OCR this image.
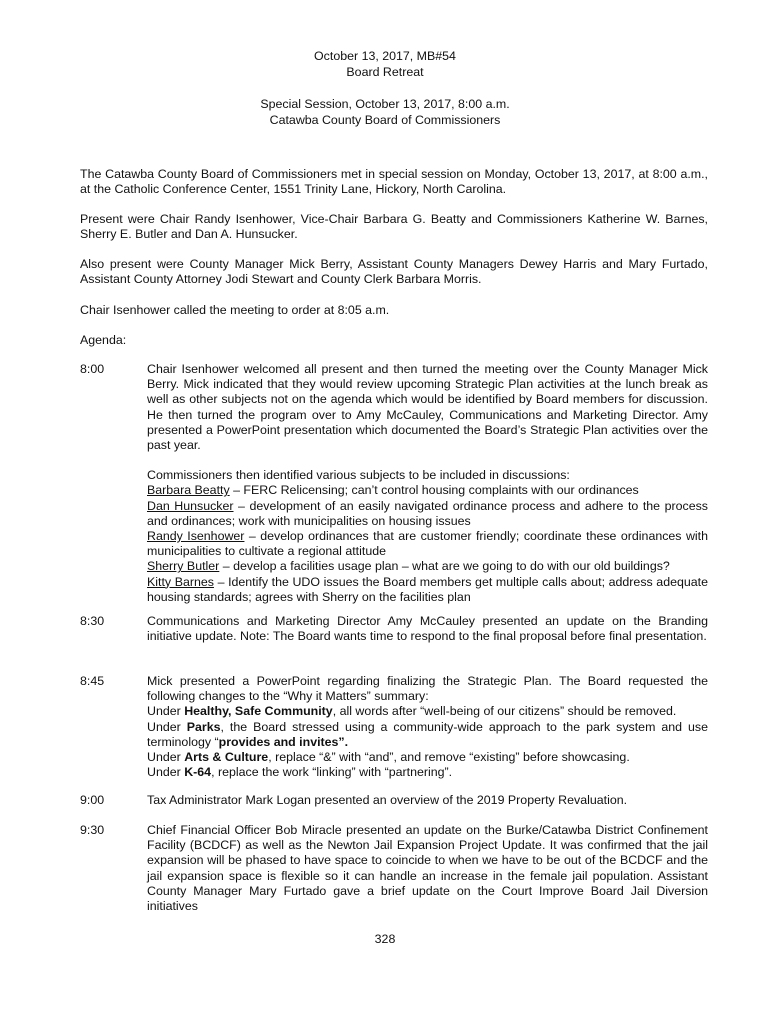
October 13, 2017, MB#54
Board Retreat
Special Session, October 13, 2017, 8:00 a.m.
Catawba County Board of Commissioners

The Catawba County Board of Commissioners met in special session on Monday, October 13, 2017, at 8:00 a.m., at the Catholic Conference Center, 1551 Trinity Lane, Hickory, North Carolina.

Present were Chair Randy Isenhower, Vice-Chair Barbara G. Beatty and Commissioners Katherine W. Barnes, Sherry E. Butler and Dan A. Hunsucker.

Also present were County Manager Mick Berry, Assistant County Managers Dewey Harris and Mary Furtado, Assistant County Attorney Jodi Stewart and County Clerk Barbara Morris.

Chair Isenhower called the meeting to order at 8:05 a.m.

Agenda:

8:00	Chair Isenhower welcomed all present and then turned the meeting over the County Manager Mick Berry. Mick indicated that they would review upcoming Strategic Plan activities at the lunch break as well as other subjects not on the agenda which would be identified by Board members for discussion. He then turned the program over to Amy McCauley, Communications and Marketing Director. Amy presented a PowerPoint presentation which documented the Board’s Strategic Plan activities over the past year.

Commissioners then identified various subjects to be included in discussions:

Barbara Beatty – FERC Relicensing; can’t control housing complaints with our ordinances

Dan Hunsucker – development of an easily navigated ordinance process and adhere to the process and ordinances; work with municipalities on housing issues

Randy Isenhower – develop ordinances that are customer friendly; coordinate these ordinances with municipalities to cultivate a regional attitude

Sherry Butler – develop a facilities usage plan – what are we going to do with our old buildings?

Kitty Barnes – Identify the UDO issues the Board members get multiple calls about; address adequate housing standards; agrees with Sherry on the facilities plan

8:30	Communications and Marketing Director Amy McCauley presented an update on the Branding initiative update. Note: The Board wants time to respond to the final proposal before final presentation.

8:45	Mick presented a PowerPoint regarding finalizing the Strategic Plan. The Board requested the following changes to the “Why it Matters” summary:

Under Healthy, Safe Community, all words after “well-being of our citizens” should be removed.

Under Parks, the Board stressed using a community-wide approach to the park system and use terminology “provides and invites”.

Under Arts & Culture, replace “&” with “and”, and remove “existing” before showcasing.

Under K-64, replace the work “linking” with “partnering”.

9:00	Tax Administrator Mark Logan presented an overview of the 2019 Property Revaluation.

9:30	Chief Financial Officer Bob Miracle presented an update on the Burke/Catawba District Confinement Facility (BCDCF) as well as the Newton Jail Expansion Project Update. It was confirmed that the jail expansion will be phased to have space to coincide to when we have to be out of the BCDCF and the jail expansion space is flexible so it can handle an increase in the female jail population. Assistant County Manager Mary Furtado gave a brief update on the Court Improve Board Jail Diversion initiatives

328
